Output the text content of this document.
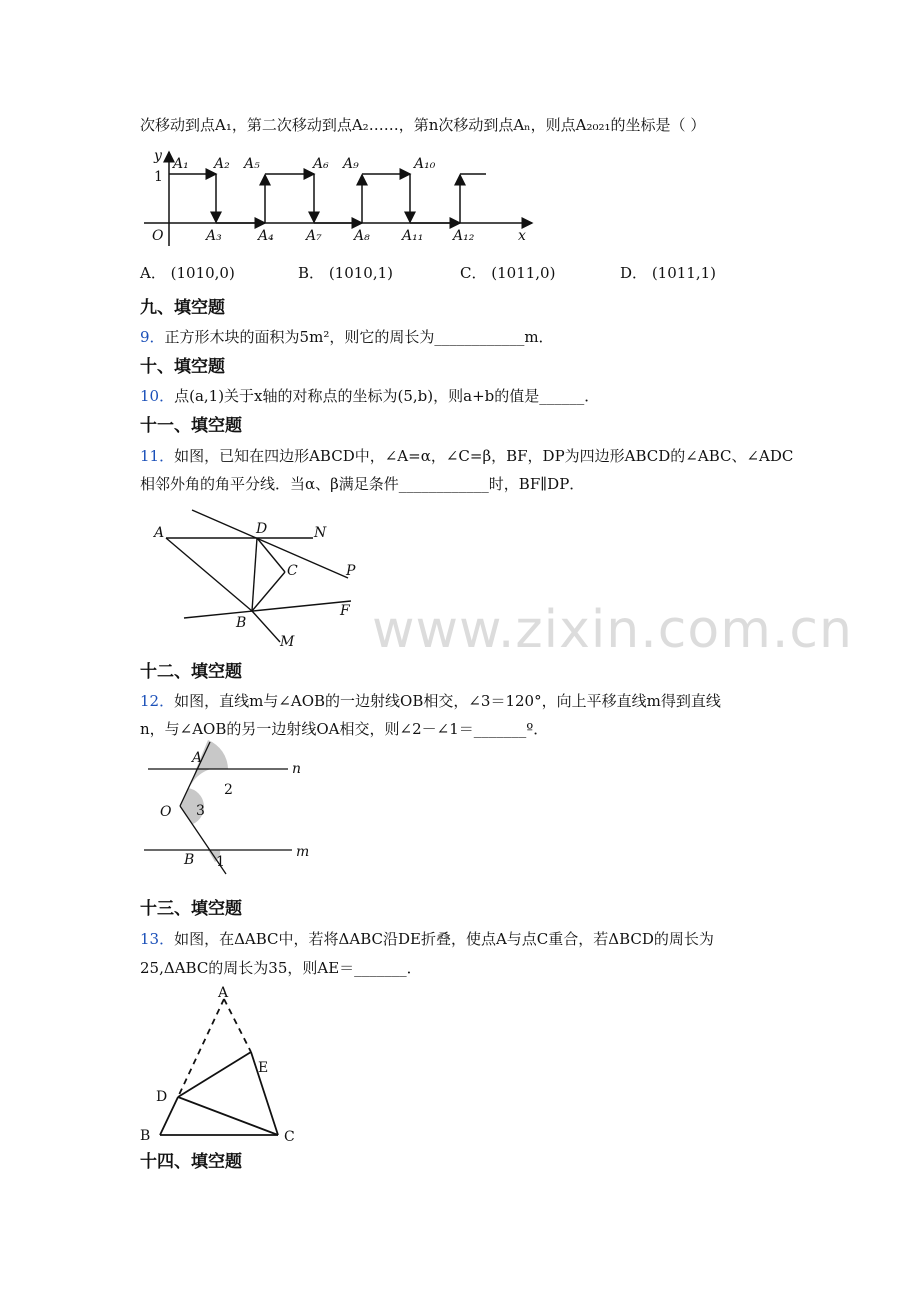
次移动到点A₁，第二次移动到点A₂……，第n次移动到点Aₙ，则点A₂₀₂₁的坐标是（ ）
y
1
O	x
A₁ A₂
A₃	A₄
A₅	A₆
A₇ A₈
A₉	A₁₀
A₁₁ A₁₂
A． (1010,0)	B． (1010,1)	C． (1011,0)	D． (1011,1)
九、填空题
9．正方形木块的面积为5m²，则它的周长为____________m．
十、填空题
10．点(a,1)关于x轴的对称点的坐标为(5,b)，则a+b的值是______．
十一、填空题
11．如图，已知在四边形ABCD中，∠A=α，∠C=β，BF，DP为四边形ABCD的∠ABC、∠ADC
相邻外角的角平分线．当α、β满足条件____________时，BF∥DP．
A	D	N
C	P
F
B
M
十二、填空题
12．如图，直线m与∠AOB的一边射线OB相交，∠3＝120°，向上平移直线m得到直线
n，与∠AOB的另一边射线OA相交，则∠2－∠1＝_______º．
A
n
2
O 3
B 1
m
十三、填空题
13．如图，在ΔABC中，若将ΔABC沿DE折叠，使点A与点C重合，若ΔBCD的周长为
25,ΔABC的周长为35，则AE＝_______．
A
E
D
B	C
十四、填空题
www.zixin.com.cn
